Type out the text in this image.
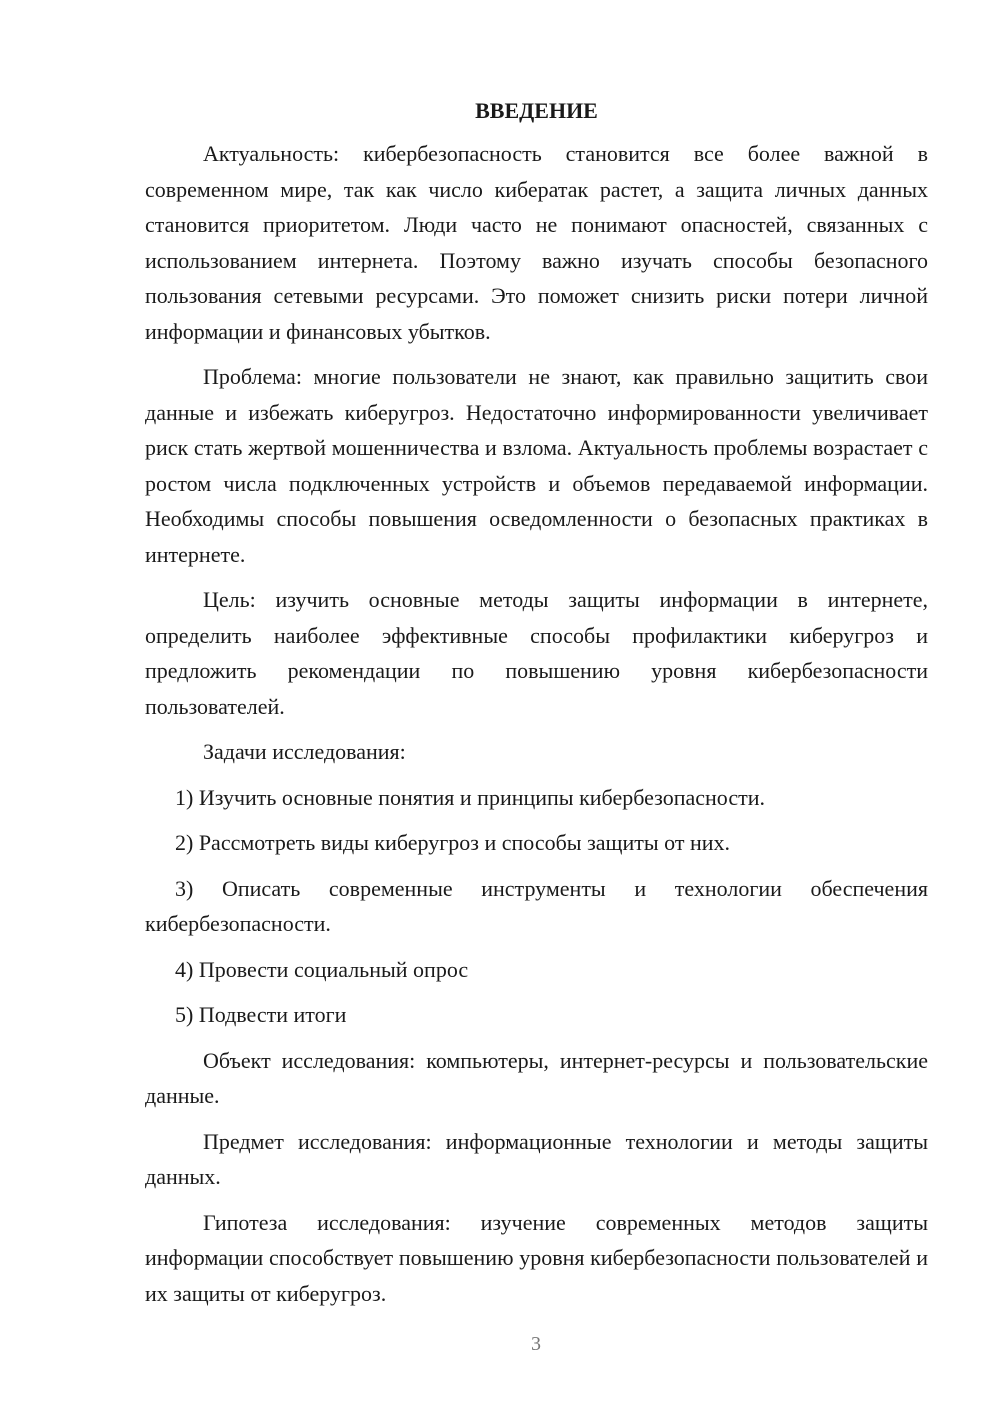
ВВЕДЕНИЕ

Актуальность: кибербезопасность становится все более важной в современном мире, так как число кибератак растет, а защита личных данных становится приоритетом. Люди часто не понимают опасностей, связанных с использованием интернета. Поэтому важно изучать способы безопасного пользования сетевыми ресурсами. Это поможет снизить риски потери личной информации и финансовых убытков.

Проблема: многие пользователи не знают, как правильно защитить свои данные и избежать киберугроз. Недостаточно информированности увеличивает риск стать жертвой мошенничества и взлома. Актуальность проблемы возрастает с ростом числа подключенных устройств и объемов передаваемой информации. Необходимы способы повышения осведомленности о безопасных практиках в интернете.

Цель: изучить основные методы защиты информации в интернете, определить наиболее эффективные способы профилактики киберугроз и предложить рекомендации по повышению уровня кибербезопасности пользователей.

Задачи исследования:

1) Изучить основные понятия и принципы кибербезопасности.

2) Рассмотреть виды киберугроз и способы защиты от них.

3) Описать современные инструменты и технологии обеспечения кибербезопасности.

4) Провести социальный опрос

5) Подвести итоги

Объект исследования: компьютеры, интернет-ресурсы и пользовательские данные.

Предмет исследования: информационные технологии и методы защиты данных.

Гипотеза исследования: изучение современных методов защиты информации способствует повышению уровня кибербезопасности пользователей и их защиты от киберугроз.

3
